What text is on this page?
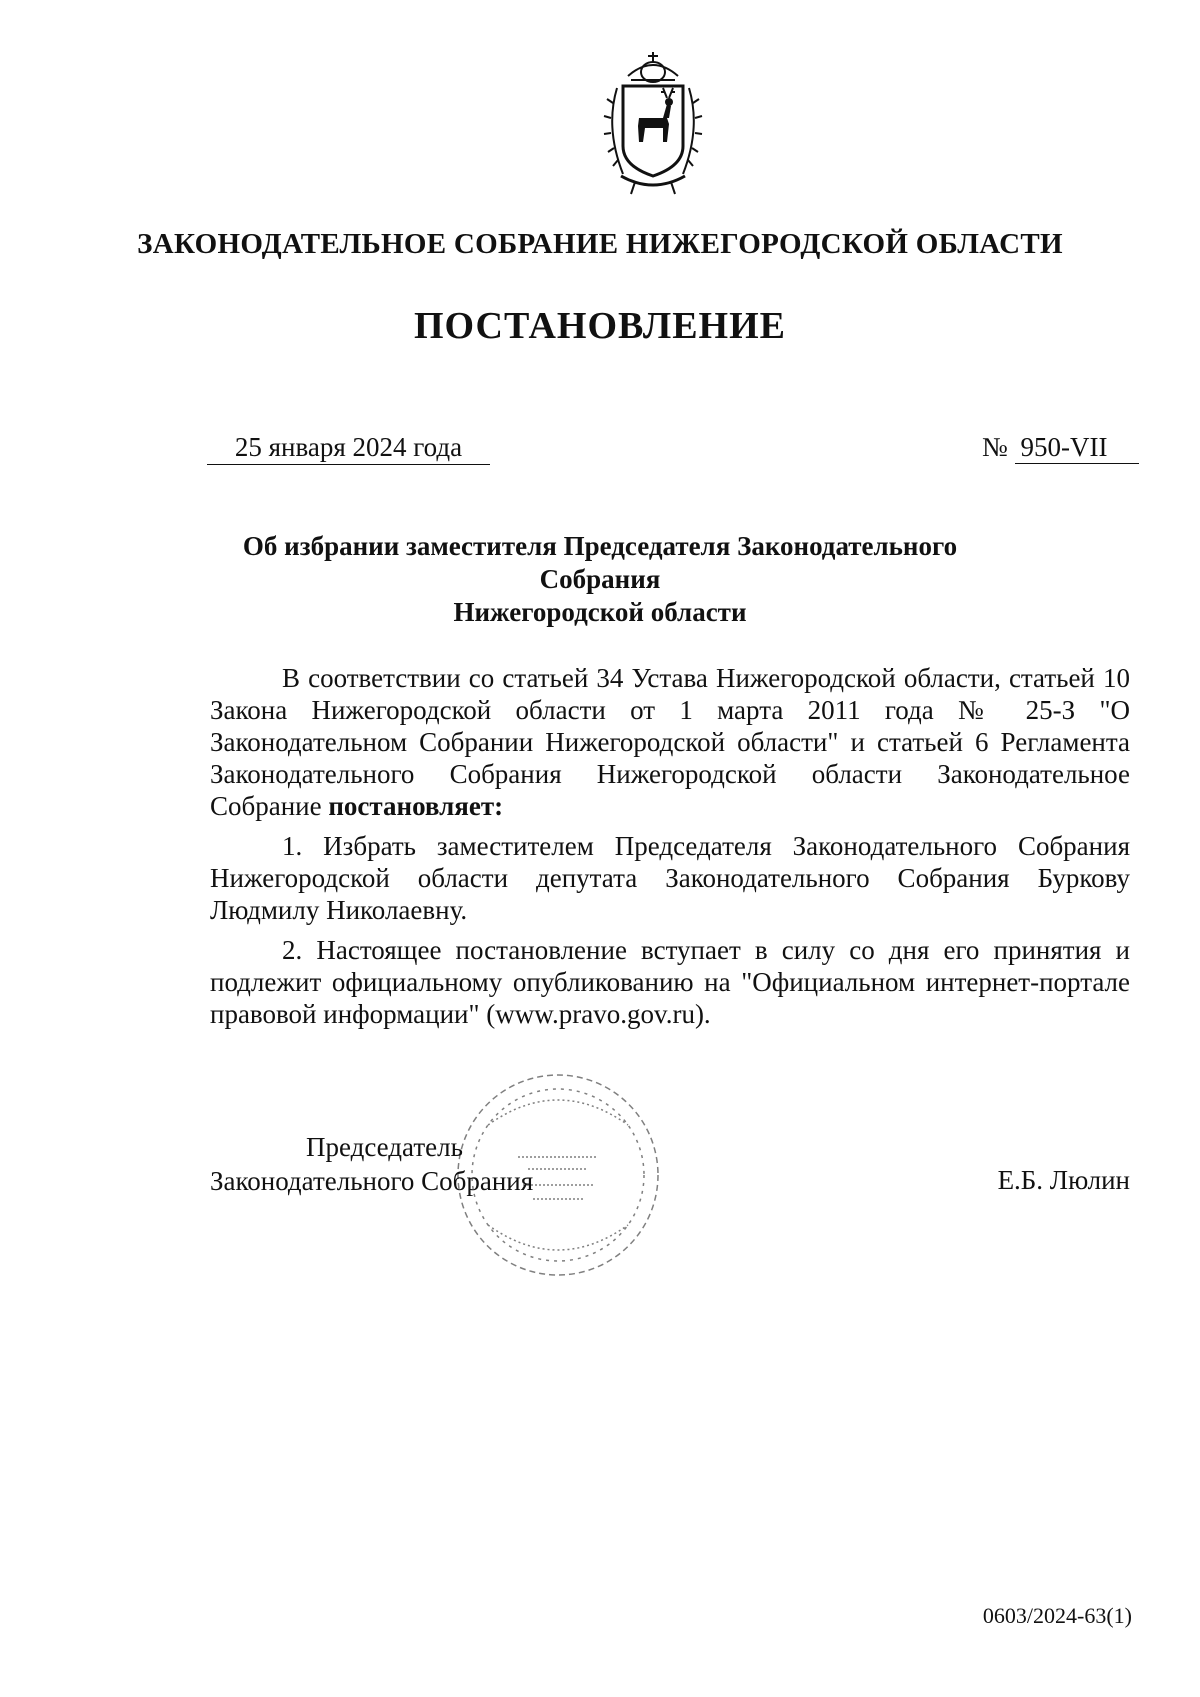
ЗАКОНОДАТЕЛЬНОЕ СОБРАНИЕ НИЖЕГОРОДСКОЙ ОБЛАСТИ
ПОСТАНОВЛЕНИЕ
25 января 2024 года	№ 950-VII
Об избрании заместителя Председателя Законодательного Собрания
Нижегородской области

В соответствии со статьей 34 Устава Нижегородской области, статьей 10 Закона Нижегородской области от 1 марта 2011 года № 25-З "О Законодательном Собрании Нижегородской области" и статьей 6 Регламента Законодательного Собрания Нижегородской области Законодательное Собрание постановляет:

1. Избрать заместителем Председателя Законодательного Собрания Нижегородской области депутата Законодательного Собрания Буркову Людмилу Николаевну.

2. Настоящее постановление вступает в силу со дня его принятия и подлежит официальному опубликованию на "Официальном интернет-портале правовой информации" (www.pravo.gov.ru).

Председатель
Законодательного Собрания	Е.Б. Люлин
0603/2024-63(1)
